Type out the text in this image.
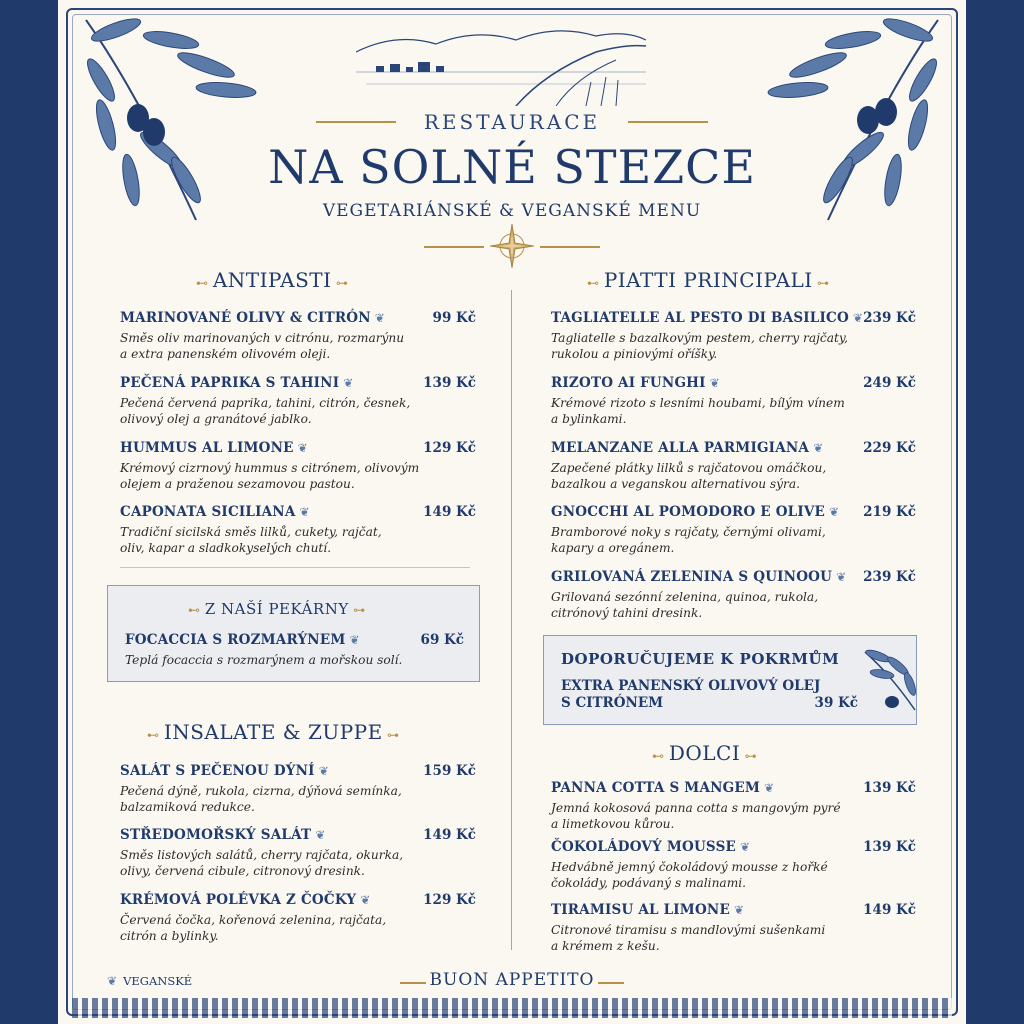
RESTAURACE
NA SOLNÉ STEZCE
VEGETARIÁNSKÉ & VEGANSKÉ MENU
⊷ ANTIPASTI ⊶
MARINOVANÉ OLIVY & CITRÓN ❦
Směs oliv marinovaných v citrónu, rozmarýnu
a extra panenském olivovém oleji.
99 Kč
PEČENÁ PAPRIKA S TAHINI ❦
Pečená červená paprika, tahini, citrón, česnek,
olivový olej a granátové jablko.
139 Kč
HUMMUS AL LIMONE ❦
Krémový cizrnový hummus s citrónem, olivovým
olejem a praženou sezamovou pastou.
129 Kč
CAPONATA SICILIANA ❦
Tradiční sicilská směs lilků, cukety, rajčat,
oliv, kapar a sladkokyselých chutí.
149 Kč
⊷ Z NAŠÍ PEKÁRNY ⊶
FOCACCIA S ROZMARÝNEM ❦
Teplá focaccia s rozmarýnem a mořskou solí.
69 Kč
⊷ INSALATE & ZUPPE ⊶
SALÁT S PEČENOU DÝNÍ ❦
Pečená dýně, rukola, cizrna, dýňová semínka,
balzamiková redukce.
159 Kč
STŘEDOMOŘSKÝ SALÁT ❦
Směs listových salátů, cherry rajčata, okurka,
olivy, červená cibule, citronový dresink.
149 Kč
KRÉMOVÁ POLÉVKA Z ČOČKY ❦
Červená čočka, kořenová zelenina, rajčata,
citrón a bylinky.
129 Kč
⊷ PIATTI PRINCIPALI ⊶
TAGLIATELLE AL PESTO DI BASILICO ❦
Tagliatelle s bazalkovým pestem, cherry rajčaty,
rukolou a piniovými oříšky.
239 Kč
RIZOTO AI FUNGHI ❦
Krémové rizoto s lesními houbami, bílým vínem
a bylinkami.
249 Kč
MELANZANE ALLA PARMIGIANA ❦
Zapečené plátky lilků s rajčatovou omáčkou,
bazalkou a veganskou alternativou sýra.
229 Kč
GNOCCHI AL POMODORO E OLIVE ❦
Bramborové noky s rajčaty, černými olivami,
kapary a oregánem.
219 Kč
GRILOVANÁ ZELENINA S QUINOOU ❦
Grilovaná sezónní zelenina, quinoa, rukola,
citrónový tahini dresink.
239 Kč
DOPORUČUJEME K POKRMŮM
EXTRA PANENSKÝ OLIVOVÝ OLEJ
S CITRÓNEM	39 Kč
⊷ DOLCI ⊶
PANNA COTTA S MANGEM ❦
Jemná kokosová panna cotta s mangovým pyré
a limetkovou kůrou.
139 Kč
ČOKOLÁDOVÝ MOUSSE ❦
Hedvábně jemný čokoládový mousse z hořké
čokolády, podávaný s malinami.
139 Kč
TIRAMISU AL LIMONE ❦
Citronové tiramisu s mandlovými sušenkami
a krémem z kešu.
149 Kč
❦ VEGANSKÉ	BUON APPETITO
